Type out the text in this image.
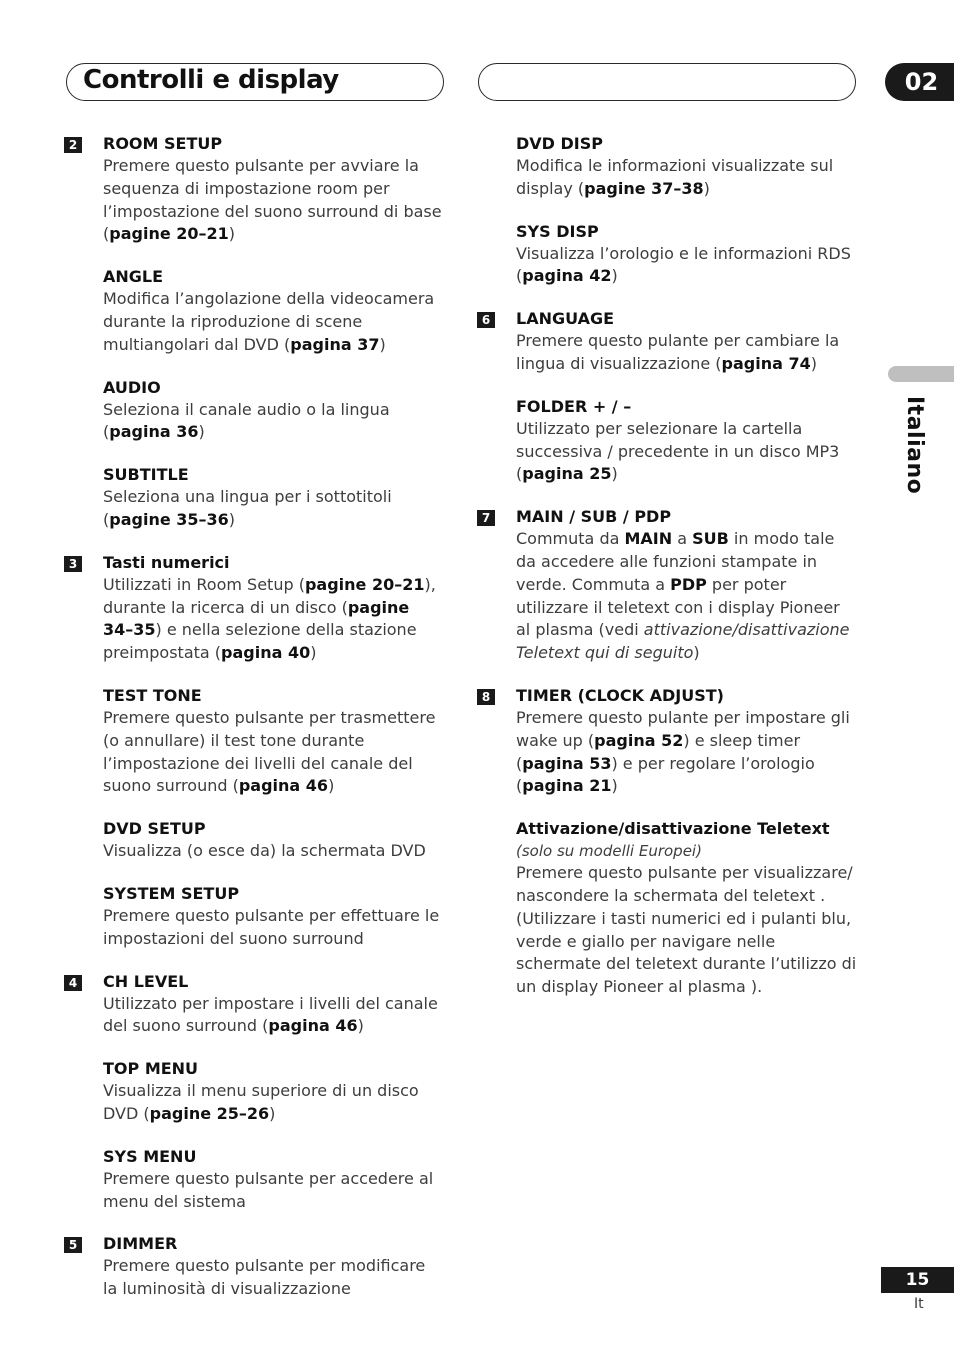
Controlli e display	02
Italiano
2	ROOM SETUP
Premere questo pulsante per avviare la sequenza di impostazione room per l’impostazione del suono surround di base (pagine 20–21)
ANGLE
Modifica l’angolazione della videocamera durante la riproduzione di scene multiangolari dal DVD (pagina 37)
AUDIO
Seleziona il canale audio o la lingua (pagina 36)
SUBTITLE
Seleziona una lingua per i sottotitoli (pagine 35–36)
3	Tasti numerici
Utilizzati in Room Setup (pagine 20–21), durante la ricerca di un disco (pagine 34–35) e nella selezione della stazione preimpostata (pagina 40)
TEST TONE
Premere questo pulsante per trasmettere (o annullare) il test tone durante l’impostazione dei livelli del canale del suono surround (pagina 46)
DVD SETUP
Visualizza (o esce da) la schermata DVD
SYSTEM SETUP
Premere questo pulsante per effettuare le impostazioni del suono surround
4	CH LEVEL
Utilizzato per impostare i livelli del canale del suono surround (pagina 46)
TOP MENU
Visualizza il menu superiore di un disco DVD (pagine 25–26)
SYS MENU
Premere questo pulsante per accedere al menu del sistema
5	DIMMER
Premere questo pulsante per modificare la luminosità di visualizzazione
DVD DISP
Modifica le informazioni visualizzate sul display (pagine 37–38)
SYS DISP
Visualizza l’orologio e le informazioni RDS (pagina 42)
6	LANGUAGE
Premere questo pulante per cambiare la lingua di visualizzazione (pagina 74)
FOLDER + / –
Utilizzato per selezionare la cartella successiva / precedente in un disco MP3 (pagina 25)
7	MAIN / SUB / PDP
Commuta da MAIN a SUB in modo tale da accedere alle funzioni stampate in verde. Commuta a PDP per poter utilizzare il teletext con i display Pioneer al plasma (vedi attivazione/disattivazione Teletext qui di seguito)
8	TIMER (CLOCK ADJUST)
Premere questo pulante per impostare gli wake up (pagina 52) e sleep timer (pagina 53) e per regolare l’orologio (pagina 21)
Attivazione/disattivazione Teletext
(solo su modelli Europei)
Premere questo pulsante per visualizzare/ nascondere la schermata del teletext . (Utilizzare i tasti numerici ed i pulanti blu, verde e giallo per navigare nelle schermate del teletext durante l’utilizzo di un display Pioneer al plasma ).
15
It
